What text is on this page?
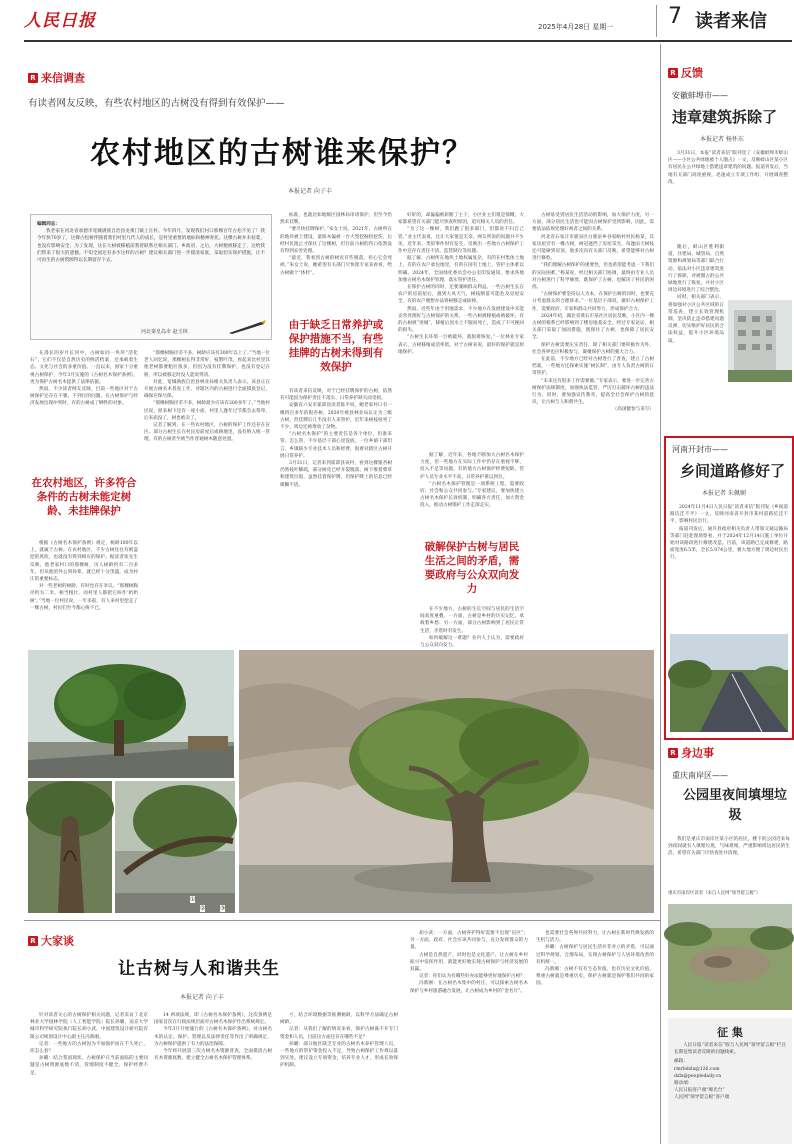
人民日报	2025年4月28日 星期一 7 读者来信
R 来信调查
有读者网友反映，有些农村地区的古树没有得到有效保护——
农村地区的古树谁来保护？
本报记者 向子丰

编辑同志：

我老家在河北省承德市宽城满族自治县龙须门镇上庄村。今年四月，发现我们村口那棵百年古松不见了！我今年快70岁了，这棵古松树伴随着我们村里几代人的成长，是村里重要的地标和精神寄托。这棵古树并未枯萎，也没有影响安全，为了发现，这在大树被移植前我曾联系过相关部门、乡政府，之后，大树便被移走了，这给我们带来了很大的遗憾。不知全国还有多少这样的古树？建议相关部门进一步摸清家底，采取切实保护措施，让不可再生的古树资源得以长期留存下去。

河北秦皇岛市 赵玉林

在漫长的岁月长河中，古树如同一块块“活化石”，它们不仅是自然历史的鲜活档案，还承载着生态、文化与社会的多重价值。一直以来，国家十分重视古树保护，今年3月实施的《古树名木保护条例》，更为保护古树名木提供了法律依据。

然而，不少读者网友反映，目前一些地区对于古树保护还存在不强、不到位的问题，在古树保护与经济发展出现冲突时，有的古树成了牺牲的对象。

在农村地区，许多符合条件的古树未能定树龄、未挂牌保护

根据《古树名木保护条例》规定，树龄100年以上，就属于古树。在农村地区，不少古树往往有被盗挖的风险，也就没有得到相应的保护。据读者张先生反映，他老家村口的那棵树，历人树龄约有二百多年，但从他的外公到孙辈，就已经十分茂盛，成为村庄的重要标志。

对一些老树的树龄，有时也存在争议。“那棵树胸径约为二米，相当粗壮，而村里人都把它叫作‘奶奶树’。”当地一位村民说，一年多前，有人来村里挖走了一棵古树，村民们至今都心疼不已。

“那棵树胸径差不多，树龄应该有300年以上了。”当地一位老人回忆说，那棵树长得非常好，枝繁叶茂，看起来比村里其他老树都要粗壮很多，但因为没有挂牌保护，也没有登记在册，所以被移走时没人能说得清。

对此，宽城满族自治县林业局相关负责人表示，该县正在开展古树名木普查工作，对辖区内的古树进行全面摸底登记，确保应保尽保。

“那棵树胸径差不多，树龄最少应该有200多年了。”当地村民说，原来树下还有一座小庙，村里人逢年过节都会去祭拜，后来庙没了，树也被卖了。

记者了解到，在一些农村地区，古树的保护工作还存在盲区。部分古树生长在村民房前屋后或耕地里，没有纳入统一管理，有的古树甚至被当作普通树木随意处置。

标准，也就比如地级区园林局审请保护，但至今仍然未挂牌。

“要尽快挂牌保护。”朱女士说，2021年，古树所在的地块被土建设，童阳木偏被一台大型挖掘机挖伤，后经村民阻止才保住了这棵树，但目前古树的伤口依然没有得到妥善处理。

“最近，我看到古树的树皮有些脱落，担心它会死掉。”朱女士说，她希望有关部门尽快派专家来看看，给古树做个“体检”。

由于缺乏日常养护或保护措施不当，有些挂牌的古树未得到有效保护

有读者来信反映，对于已经挂牌保护的古树，依然有可能因为保护责任不落实、日常养护缺失而受损。

安徽省六安市霍邱县读者陈平说，她老家村口有一棵四百多年的银杏树，2020年被县林业局认定为三级古树，但挂牌后几乎没有人来管护，近年来树枝枯死了不少，周边还被堆放了杂物。

“古树名木保护”的主要责任是各个单位，但谁来管、怎么管，不少基层干部心里没底。一位乡镇干部坦言，乡镇缺少专业技术人员和经费，很难对辖区古树开展日常养护。

3月31日，记者来到霍邱县该村，看到这棵银杏树仍然枝叶稀疏，部分树皮已经开裂脱落，树下堆着柴草和建筑垃圾，虽然挂着保护牌，但保护牌上的信息已经模糊不清。

好好的，却偏偏被斩断了主干，小区业主们很是愤慨，大家都希望有关部门能尽快查明原因，追究相关人员的责任。

“为了这一棵树，我们跑了很多部门，但都说不归自己管。”业主代表说，这让大家很是无奈。网友所说的问题并不少见，近年来，类似事件时有发生，反映出一些地方古树保护工作中还存在责任不清、监管缺位等问题。

据了解，古树所在地块土地权属复杂，有的在村集体土地上，有的在农户承包地里，有的在国有土地上，管护主体难以明确。2024年，全国绿化委员会办公室印发通知，要求各地加强古树名木保护管理，落实管护责任。

在保护古树的同时，还要兼顾群众利益。一些古树生长在农户的房前屋后，遇到大风天气，树枝断落可能危及房屋安全，有的农户便想办法将树移走或砍掉。

然而，近些年由于用地需求，不少地方在发展建设中未能妥善处理好与古树保护的关系，一些古树被移植或被破坏，有的古树被“进城”，移植后因水土不服而死亡，造成了不可挽回的损失。

“古树生长环境一旦被破坏，就很难恢复。”一位林业专家表示，古树移植成活率低，对于古树来说，最好的保护就是原地保护。

据了解，近年来，各地不断加大古树名木保护力度，但一些地方在实际工作中仍存在重视不够、投入不足等问题。有的地方古树保护经费短缺，管护人员专业水平不高，日常养护难以到位。

“古树名木保护管理是一项系统工程，需要政府、社会和公众共同参与。”专家建议，要加快建立古树名木保护长效机制，明确各方责任，加大资金投入，推动古树保护工作走深走实。

破解保护古树与居民生活之间的矛盾，需要政府与公众双向发力

在不少地方，古树的生长空间与居民的生活空间高度重叠。一方面，古树是乡村的历史记忆，承载着乡愁；另一方面，部分古树影响到了居民正常生活，矛盾时有发生。

如何破解这一难题？业内人士认为，需要政府与公众双向发力。

古树易受到居民生活活动的影响，加大保护力度，另一方面，部分居民生活也可能因古树保护受到影响，因此，需要依法依规处理好两者之间的关系。

河北省石家庄市鹿泉区白鹿泉乡谷家峪村村民杨某，其家房屋旁有一棵古树，树冠遮挡了房屋采光，每逢雨天树枝还可能砸到房顶。他多次向有关部门反映，希望能够对古树进行修剪。

“我们理解古树保护的重要性，但也希望能考虑一下我们的实际困难。”杨某说，经过相关部门协调，最终由专业人员对古树进行了科学修剪，既保护了古树，也解决了村民的困扰。

“古树保护要坚持以人为本，在保护古树的同时，也要充分考虑群众的合理诉求。”一位基层干部说，做好古树保护工作，需要政府、专家和群众共同努力，形成保护合力。

2024年初，湖北省黄石市某社区居民反映，小区内一棵古树的根系已经影响到了楼房地基安全。经过专家论证，相关部门采取了加固措施，既保住了古树，也保障了居民安全。

保护古树需要压实责任，除了相关部门要积极作为外，社会各界也应积极参与，凝聚保护古树的强大合力。

在此前，不少地方已经对古树进行了普查，建立了古树档案，一些地方还探索实施“树长制”，由专人负责古树的日常管护。

“未来还有很多工作需要做。”专家表示，要进一步完善古树保护法规制度，加强执法监管，严厉打击破坏古树的违法行为，同时，要加强宣传教育，提高全社会保护古树的意识，让古树与人和谐共生。

（高国健参与采写）

①
② ③
R 大家谈
让古树与人和谐共生
本报记者 向子丰

针对读者关心的古树保护相关问题，记者采访了北京林业大学园林学院（人工智能学院）院长孙璐，南京大学城市科学研究院执行院长胡小武，中国建筑设计研究院有限公司规划设计中心副主任冯新刚。

记者：一些地方的古树因为不加强护而在不久死亡，你怎么看？

孙璐：结合我国现状，古树保护在当前面临的主要问题是古树资源底数不清，管理制度不健全，保护经费不足。

14 两项法规，即《古树名木保护条例》，这次条例是国家首次在行政法规层面对古树名木保护作出系统规定。

今年3月开始施行的《古树名木保护条例》，对古树名木的认定、保护、管理以及法律责任等作出了明确规定，为古树保护提供了有力的法治保障。

今年将开展第三次古树名木资源普查，全面摸清古树名木资源底数，建立健全古树名木保护管理体系。

寸，结合环境数据等推测树龄，以科学方法确定古树树龄。

记者：从我们了解的情况来看，保护古树离不开专门资金和人员，目前这方面还存在哪些不足？

孙璐：部分地区缺乏专业的古树名木养护管理人员，一些地方的管护资金投入不足，导致古树保护工作难以落到实处。建议设立专项资金，培养专业人才，形成长效保护机制。

胡小武：一方面，古树养护得好需要不出现“盲区”；另一方面，政府、社会应该共同参与，充分发挥群众的力量。

古树是自然遗产，同时也是文化遗产，让古树在乡村振兴中发挥作用，就能更好地实现古树保护与经济发展的双赢。

记者：你们认为有哪些好办法能够更好地保护古树？

冯新刚：在古树名木集中的村庄，可以探索古树名木保护与乡村旅游融合发展，让古树成为乡村的“金名片”。

也需要社会各界共同努力，让古树在新时代焕发新的生机与活力。

孙璐：古树保护与居民生活并非对立的矛盾，可以通过科学规划、合理布局，实现古树保护与人居环境改善的有机统一。

冯新刚：古树不仅有生态价值，也有历史文化价值，尊重古树就是尊重历史，保护古树就是保护我们共同的家园。

R 反馈
安徽蚌埠市——
违章建筑拆除了
本报记者 杨怀东

3月31日，本报“读者来信”版刊登了《安徽蚌埠市蚌山区——小区公共绿地被个人圈占》一文，反映蚌山区某小区有居民在公共绿地上搭建违章建筑的问题。报道刊发后，当地有关部门高度重视，迅速成立专项工作组，开展调查整改。

随后，蚌山区胜利街道、住建局、城管局、自然资源和规划局等部门联合行动，依法对小区违章建筑进行了拆除，对被圈占的公共绿地进行了恢复，并对小区周边环境进行了综合整治。

同时，相关部门表示，将加强对小区公共区域的日常巡查，建立长效管理机制，坚决防止违章搭建问题反弹，切实维护好居民的合法权益，提升小区环境品质。

河南开封市——
乡间道路修好了
本报记者 朱佩娴

2024年11月4日人民日报“读者来信”版刊发《乡间道路坑洼不平》一文，反映河南省开封市某村道路坑洼不平，影响村民出行。

报道刊发后，通许县政府相关负责人带领交通运输局等部门赶赴现场察看，并于2024年12月14日施工单位开始对该路段进行修建改造。目前，该道路已完成修建，路面宽度6.5米，全长5.074公里，极大地方便了周边村民出行。

R 身边事
重庆南岸区——
公园里夜间填埋垃圾

我们是重庆市南岸区某小区的居民，楼下的公园近来每到夜间就有人填埋垃圾，气味难闻，严重影响周边居民的生活，希望有关部门尽快查处并清理。

重庆市南岸区读者（来自人民网“领导留言板”）
征 集

人民日报“读者来信”版与人民网“领导留言板”栏目长期征集读者反映的问题线索。

邮箱：

rmrbdzlx@126.com

dzlx@peopledaily.cn

移动端：

人民日报客户端“爆光台”

人民网“领导留言板”客户端
